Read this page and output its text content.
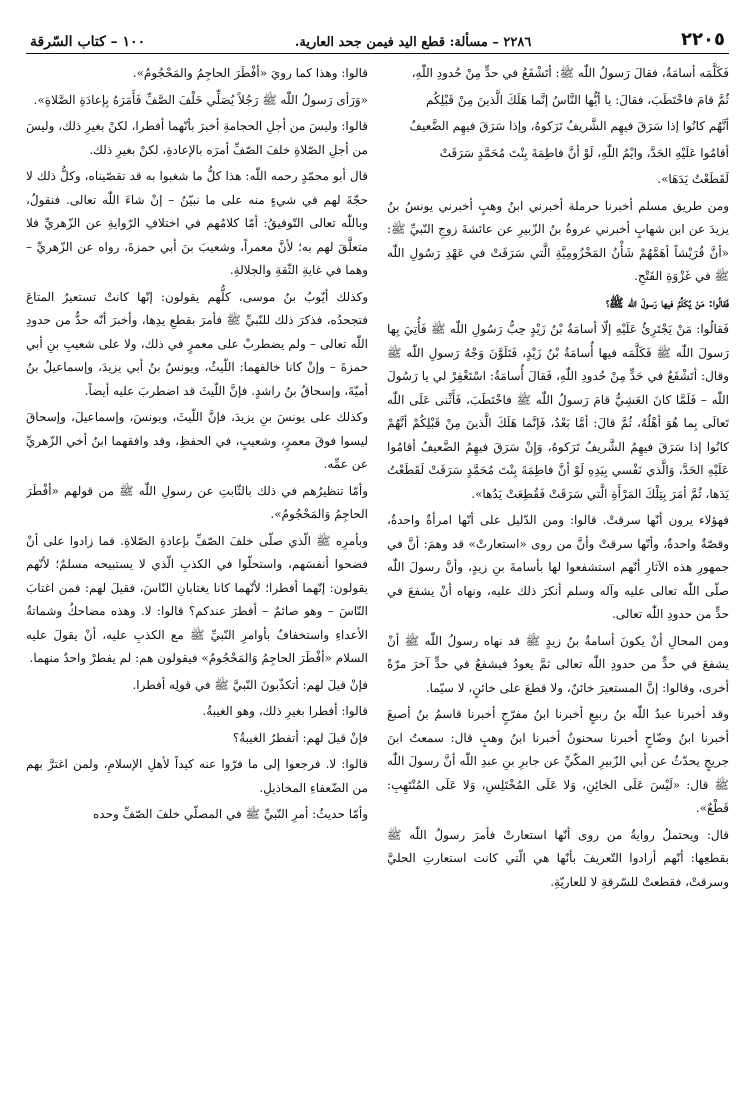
٢٢٠٥
٢٢٨٦ – مسألة: قطع اليد فيمن جحد العارية.
١٠٠ – كتاب السّرقة

فَكَلَّمَه أسامَةُ، فقالَ رَسولُ اللّٰه ﷺ: أتَشْفَعُ في حدٍّ مِنْ حُدودِ اللّٰهِ،

ثُمَّ قامَ فاخْتَطَبَ، فقالَ: يا أيُّها النَّاسُ إنَّما هَلَكَ الَّذينَ مِنْ قَبْلِكُم

أنَّهُم كانُوا إذا سَرَقَ فيهِم الشَّريفُ تَرَكوهُ، وإذا سَرَقَ فيهِم الضَّعيفُ

أقامُوا عَلَيْهِ الحَدَّ، وايْمُ اللّٰهِ، لَوْ أنَّ فاطِمَةَ بِنْتَ مُحَمَّدٍ سَرَقَتْ

لَقَطَعْتُ يَدَهَا».

ومن طريق مسلم أخبرنا حرملة أخبرني ابنُ وهبٍ أخبرني يونسُ بنُ يزيدَ عن ابن شهابٍ أخبرني عروةُ بنُ الزّبيرِ عن عائشةَ زوجِ النّبيِّ ﷺ: «أنَّ قُرَيْشاً أهَمَّهُمْ شَأْنُ المَخْزُومِيَّةِ الَّتي سَرَقَتْ في عَهْدِ رَسُولِ اللّٰه ﷺ في غَزْوَةِ الفَتْحِ.

فَقالُوا: مَنْ يُكَلِّمُ فيها رَسولَ اللّٰه ﷺ؟

فَقالُوا: مَنْ يَجْتَرِئُ عَلَيْهِ إلّا أسامَةُ بْنُ زَيْدٍ حِبُّ رَسُولِ اللّٰه ﷺ فَأُتِيَ بِها رَسولَ اللّٰه ﷺ فَكَلَّمَه فيها أُسامَةُ بْنُ زَيْدٍ، فَتَلَوَّنَ وَجْهُ رَسولِ اللّٰه ﷺ وقال: أتَشْفَعُ في حَدٍّ مِنْ حُدودِ اللّٰهِ، فَقالَ أُسامَةُ: اسْتَغْفِرْ لي يا رَسُولَ اللّٰه – فَلَمَّا كانَ العَشِيُّ قامَ رَسولُ اللّٰه ﷺ فاخْتَطَبَ، فَأَثْنى عَلَى اللّٰه تَعالَى بِما هُوَ أهْلُهُ، ثُمَّ قالَ: أمَّا بَعْدُ، فَإنَّما هَلَكَ الَّذينَ مِنْ قَبْلِكُمْ أنَّهُمْ كانُوا إذا سَرَقَ فيهِمُ الشَّريفُ تَرَكوهُ، وَإِنْ سَرَقَ فيهِمُ الضَّعيفُ أقامُوا عَلَيْهِ الحَدَّ، وَالَّذي نَفْسي بِيَدِهِ لَوْ أنَّ فاطِمَةَ بِنْتَ مُحَمَّدٍ سَرَقَتْ لَقَطَعْتُ يَدَها، ثُمَّ أمَرَ بِتِلْكَ المَرْأَةِ الَّتي سَرَقَتْ فَقُطِعَتْ يَدُها».

فهؤلاء يرون أنّها سرقتْ. قالوا: ومن الدّليل على أنّها امرأةٌ واحدةٌ، وقصّةٌ واحدةٌ، وأنّها سرقتْ وأنَّ من روى «استعارتْ» قد وهمَ: أنَّ في جمهورِ هذه الآثارِ أنّهم استشفعوا لها بأسامةَ بنِ زيدٍ، وأنَّ رسولَ اللّٰه صلّى اللّٰه تعالى عليه وآله وسلم أنكرَ ذلك عليه، ونهاه أنْ يشفعَ في حدٍّ من حدودِ اللّٰه تعالى.

ومن المحالِ أنْ يكونَ أسامةُ بنُ زيدٍ ﷺ قد نهاه رسولُ اللّٰه ﷺ أنْ يشفعَ في حدٍّ من حدودِ اللّٰه تعالى ثمَّ يعودُ فيشفعُ في حدٍّ آخرَ مرّةً أخرى، وقالوا: إنَّ المستعيرَ خائنٌ، ولا قطعَ على خائنٍ، لا سيّما.

وقد أخبرنا عبدُ اللّٰه بنُ ربيعٍ أخبرنا ابنُ مفرّجٍ أخبرنا قاسمُ بنُ أصبغَ أخبرنا ابنُ وضّاحٍ أخبرنا سحنونٌ أخبرنا ابنُ وهبٍ قال: سمعتُ ابنَ جريجٍ يحدّثُ عن أبي الزّبيرِ المكّيِّ عن جابرِ بنِ عبدِ اللّٰه أنَّ رسولَ اللّٰه ﷺ قال: «لَيْسَ عَلَى الخائِنِ، وَلا عَلَى المُخْتَلِسِ، وَلا عَلَى المُنْتَهِبِ: قَطْعٌ».

قال: ويحتملُ روايةُ من روى أنّها استعارتْ فأمرَ رسولُ اللّٰه ﷺ بقطعِها: أنّهم أرادوا التّعريفَ بأنّها هي الّتي كانت استعارتِ الحليَّ وسرقتْ، فقطعتْ للسّرقةِ لا للعاريّةِ.

قالوا: وهذا كما رويَ «أفْطَرَ الحاجِمُ والمَحْجُومُ».

«وَرَأى رَسولُ اللّٰه ﷺ رَجُلاً يُصَلِّي خَلْفَ الصَّفِّ فَأَمَرَهُ بِإعادَةِ الصَّلاةِ».

قالوا: وليسَ من أجلِ الحجامةِ أخبرَ بأنّهما أفطرا، لكنْ بغيرِ ذلك، وليسَ من أجلِ الصّلاةِ خلفَ الصّفِّ أمرَه بالإعادةِ، لكنْ بغيرِ ذلك.

قال أبو محمّدٍ رحمه اللّٰه: هذا كلُّ ما شغبوا به قد تقصّيناه، وكلُّ ذلك لا حجّةَ لهم في شيءٍ منه على ما نبيّنُ – إنْ شاءَ اللّٰه تعالى. فنقولُ، وباللّٰه تعالى التّوفيقُ: أمّا كلامُهم في اختلافِ الرّوايةِ عن الزّهريِّ فلا متعلَّقَ لهم به؛ لأنَّ معمراً، وشعيبَ بنَ أبي حمزةَ، رواه عن الزّهريِّ – وهما في غايةِ الثّقةِ والجلالةِ.

وكذلك أيّوبُ بنُ موسى، كلُّهم يقولون: إنّها كانتْ تستعيرُ المتاعَ فتجحدُه، فذكرَ ذلك للنّبيِّ ﷺ فأمرَ بقطعِ يدِها، وأخبرَ أنّه حدٌّ من حدودِ اللّٰه تعالى – ولم يضطربْ على معمرٍ في ذلك، ولا على شعيبِ بنِ أبي حمزةَ – وإنْ كانا خالفهما: اللّيثُ، ويونسُ بنُ أبي يزيدَ، وإسماعيلُ بنُ أميّةَ، وإسحاقُ بنُ راشدٍ. فإنَّ اللّيثَ قد اضطربَ عليه أيضاً.

وكذلك على يونسَ بنِ يزيدَ، فإنَّ اللّيثَ، ويونسَ، وإسماعيلَ، وإسحاقَ ليسوا فوقَ معمرٍ، وشعيبٍ، في الحفظِ، وقد وافقهما ابنُ أخي الزّهريِّ عن عمِّه.

وأمّا تنظيرُهم في ذلك بالثّابتِ عن رسولِ اللّٰه ﷺ من قولهم «أفْطَرَ الحاجِمُ وَالمَحْجُومُ».

وبأمرِه ﷺ الّذي صلّى خلفَ الصّفِّ بإعادةِ الصّلاةِ. فما زادوا على أنْ فضحوا أنفسَهم، واستحلّوا في الكذبِ الّذي لا يستبيحه مسلمٌ؛ لأنّهم يقولون: إنّهما أفطرا؛ لأنّهما كانا يغتابانِ النّاسَ، فقيلَ لهم: فمن اغتابَ النّاسَ – وهو صائمٌ – أفطرَ عندكم؟ قالوا: لا. وهذه مضاحكُ وشماتةُ الأعداءِ واستخفافٌ بأوامرِ النّبيِّ ﷺ مع الكذبِ عليه، أنْ يقولَ عليه السلام «أفْطَرَ الحاجِمُ وَالمَحْجُومُ» فيقولون هم: لم يفطرْ واحدٌ منهما.

فإنْ قيلَ لهم: أتكذّبونَ النّبيَّ ﷺ في قولِه أفطرا.

قالوا: أفطرا بغيرِ ذلك، وهو الغيبةُ.

فإنْ قيلَ لهم: أتفطرُ الغيبةُ؟

قالوا: لا. فرجعوا إلى ما فرّوا عنه كيداً لأهلِ الإسلامِ، ولمن اغترَّ بهم من الضّعفاءِ المخاذيلِ.

وأمّا حديثُ: أمرِ النّبيِّ ﷺ في المصلّي خلفَ الصّفِّ وحده
